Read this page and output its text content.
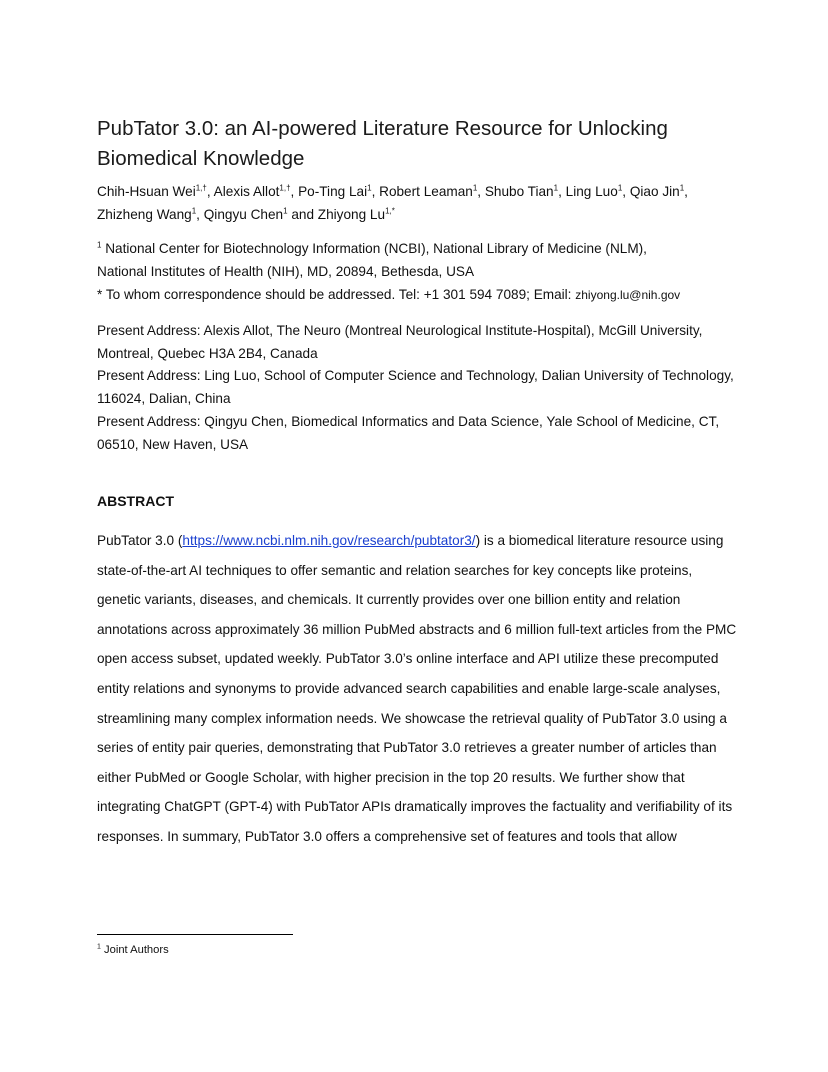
PubTator 3.0: an AI-powered Literature Resource for Unlocking Biomedical Knowledge
Chih-Hsuan Wei$^{1,\dagger}$, Alexis Allot$^{1,\dagger}$, Po-Ting Lai$^1$, Robert Leaman$^1$, Shubo Tian$^1$, Ling Luo$^1$, Qiao Jin$^1$, Zhizheng Wang$^1$, Qingyu Chen$^1$ and Zhiyong $Lu^{1,*}$
$^1$ National Center for Biotechnology Information (NCBI), National Library of Medicine (NLM),
National Institutes of Health (NIH), MD, 20894, Bethesda, USA
* To whom correspondence should be addressed. Tel: +1 301 594 7089; Email: zhiyong.lu@nih.gov

Present Address: Alexis Allot, The Neuro (Montreal Neurological Institute-Hospital), McGill University, Montreal, Quebec H3A 2B4, Canada

Present Address: Ling Luo, School of Computer Science and Technology, Dalian University of Technology, 116024, Dalian, China

Present Address: Qingyu Chen, Biomedical Informatics and Data Science, Yale School of Medicine, CT, 06510, New Haven, USA

ABSTRACT
PubTator 3.0 (https://www.ncbi.nlm.nih.gov/research/pubtator3/) is a biomedical literature resource using state-of-the-art AI techniques to offer semantic and relation searches for key concepts like proteins, genetic variants, diseases, and chemicals. It currently provides over one billion entity and relation annotations across approximately 36 million PubMed abstracts and 6 million full-text articles from the PMC open access subset, updated weekly. PubTator 3.0’s online interface and API utilize these precomputed entity relations and synonyms to provide advanced search capabilities and enable large-scale analyses, streamlining many complex information needs. We showcase the retrieval quality of PubTator 3.0 using a series of entity pair queries, demonstrating that PubTator 3.0 retrieves a greater number of articles than either PubMed or Google Scholar, with higher precision in the top 20 results. We further show that integrating ChatGPT (GPT-4) with PubTator APIs dramatically improves the factuality and verifiability of its responses. In summary, PubTator 3.0 offers a comprehensive set of features and tools that allow
$^1$ Joint Authors
